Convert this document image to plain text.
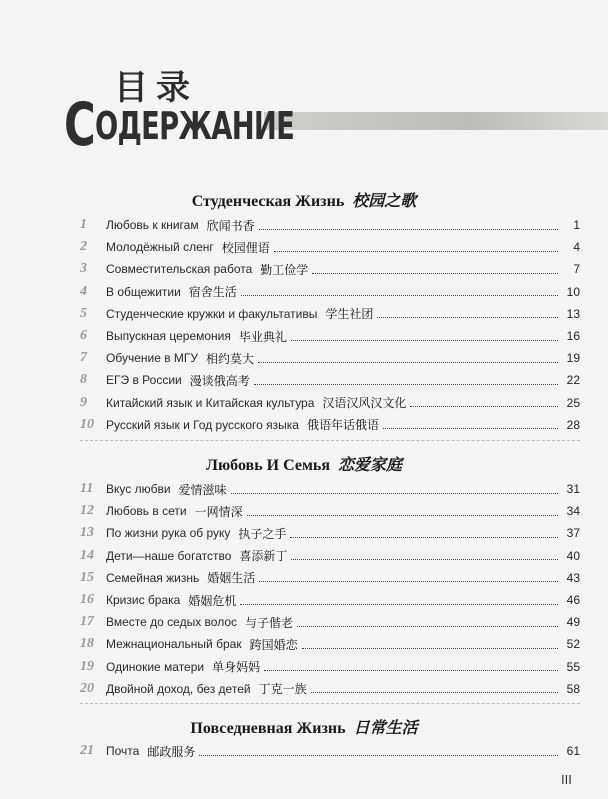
目录
СОДЕРЖАНИЕ
Студенческая Жизнь 校园之歌
1	Любовь к книгам 欣闻书香	1
2	Молодёжный сленг 校园俚语	4
3	Совместительская работа 勤工俭学	7
4	В общежитии 宿舍生活	10
5	Студенческие кружки и факультативы 学生社团	13
6	Выпускная церемония 毕业典礼	16
7	Обучение в МГУ 相约莫大	19
8	ЕГЭ в России 漫谈俄高考	22
9	Китайский язык и Китайская культура 汉语汉风汉文化	25
10	Русский язык и Год русского языка 俄语年话俄语	28
Любовь И Семья 恋爱家庭
11	Вкус любви 爱情滋味	31
12	Любовь в сети 一网情深	34
13	По жизни рука об руку 执子之手	37
14	Дети—наше богатство 喜添新丁	40
15	Семейная жизнь 婚姻生活	43
16	Кризис брака 婚姻危机	46
17	Вместе до седых волос 与子偕老	49
18	Межнациональный брак 跨国婚恋	52
19	Одинокие матери 单身妈妈	55
20	Двойной доход, без детей 丁克一族	58
Повседневная Жизнь 日常生活
21	Почта 邮政服务	61
III
